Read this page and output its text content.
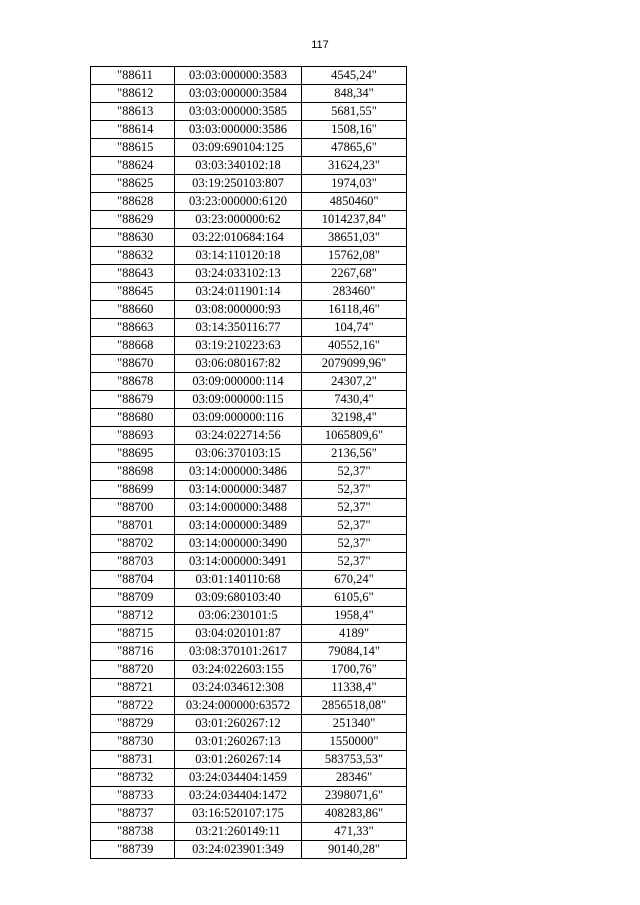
117
"88611	03:03:000000:3583	4545,24"
"88612	03:03:000000:3584	848,34"
"88613	03:03:000000:3585	5681,55"
"88614	03:03:000000:3586	1508,16"
"88615	03:09:690104:125	47865,6"
"88624	03:03:340102:18	31624,23"
"88625	03:19:250103:807	1974,03"
"88628	03:23:000000:6120	4850460"
"88629	03:23:000000:62	1014237,84"
"88630	03:22:010684:164	38651,03"
"88632	03:14:110120:18	15762,08"
"88643	03:24:033102:13	2267,68"
"88645	03:24:011901:14	283460"
"88660	03:08:000000:93	16118,46"
"88663	03:14:350116:77	104,74"
"88668	03:19:210223:63	40552,16"
"88670	03:06:080167:82	2079099,96"
"88678	03:09:000000:114	24307,2"
"88679	03:09:000000:115	7430,4"
"88680	03:09:000000:116	32198,4"
"88693	03:24:022714:56	1065809,6"
"88695	03:06:370103:15	2136,56"
"88698	03:14:000000:3486	52,37"
"88699	03:14:000000:3487	52,37"
"88700	03:14:000000:3488	52,37"
"88701	03:14:000000:3489	52,37"
"88702	03:14:000000:3490	52,37"
"88703	03:14:000000:3491	52,37"
"88704	03:01:140110:68	670,24"
"88709	03:09:680103:40	6105,6"
"88712	03:06:230101:5	1958,4"
"88715	03:04:020101:87	4189"
"88716	03:08:370101:2617	79084,14"
"88720	03:24:022603:155	1700,76"
"88721	03:24:034612:308	11338,4"
"88722	03:24:000000:63572	2856518,08"
"88729	03:01:260267:12	251340"
"88730	03:01:260267:13	1550000"
"88731	03:01:260267:14	583753,53"
"88732	03:24:034404:1459	28346"
"88733	03:24:034404:1472	2398071,6"
"88737	03:16:520107:175	408283,86"
"88738	03:21:260149:11	471,33"
"88739	03:24:023901:349	90140,28"
